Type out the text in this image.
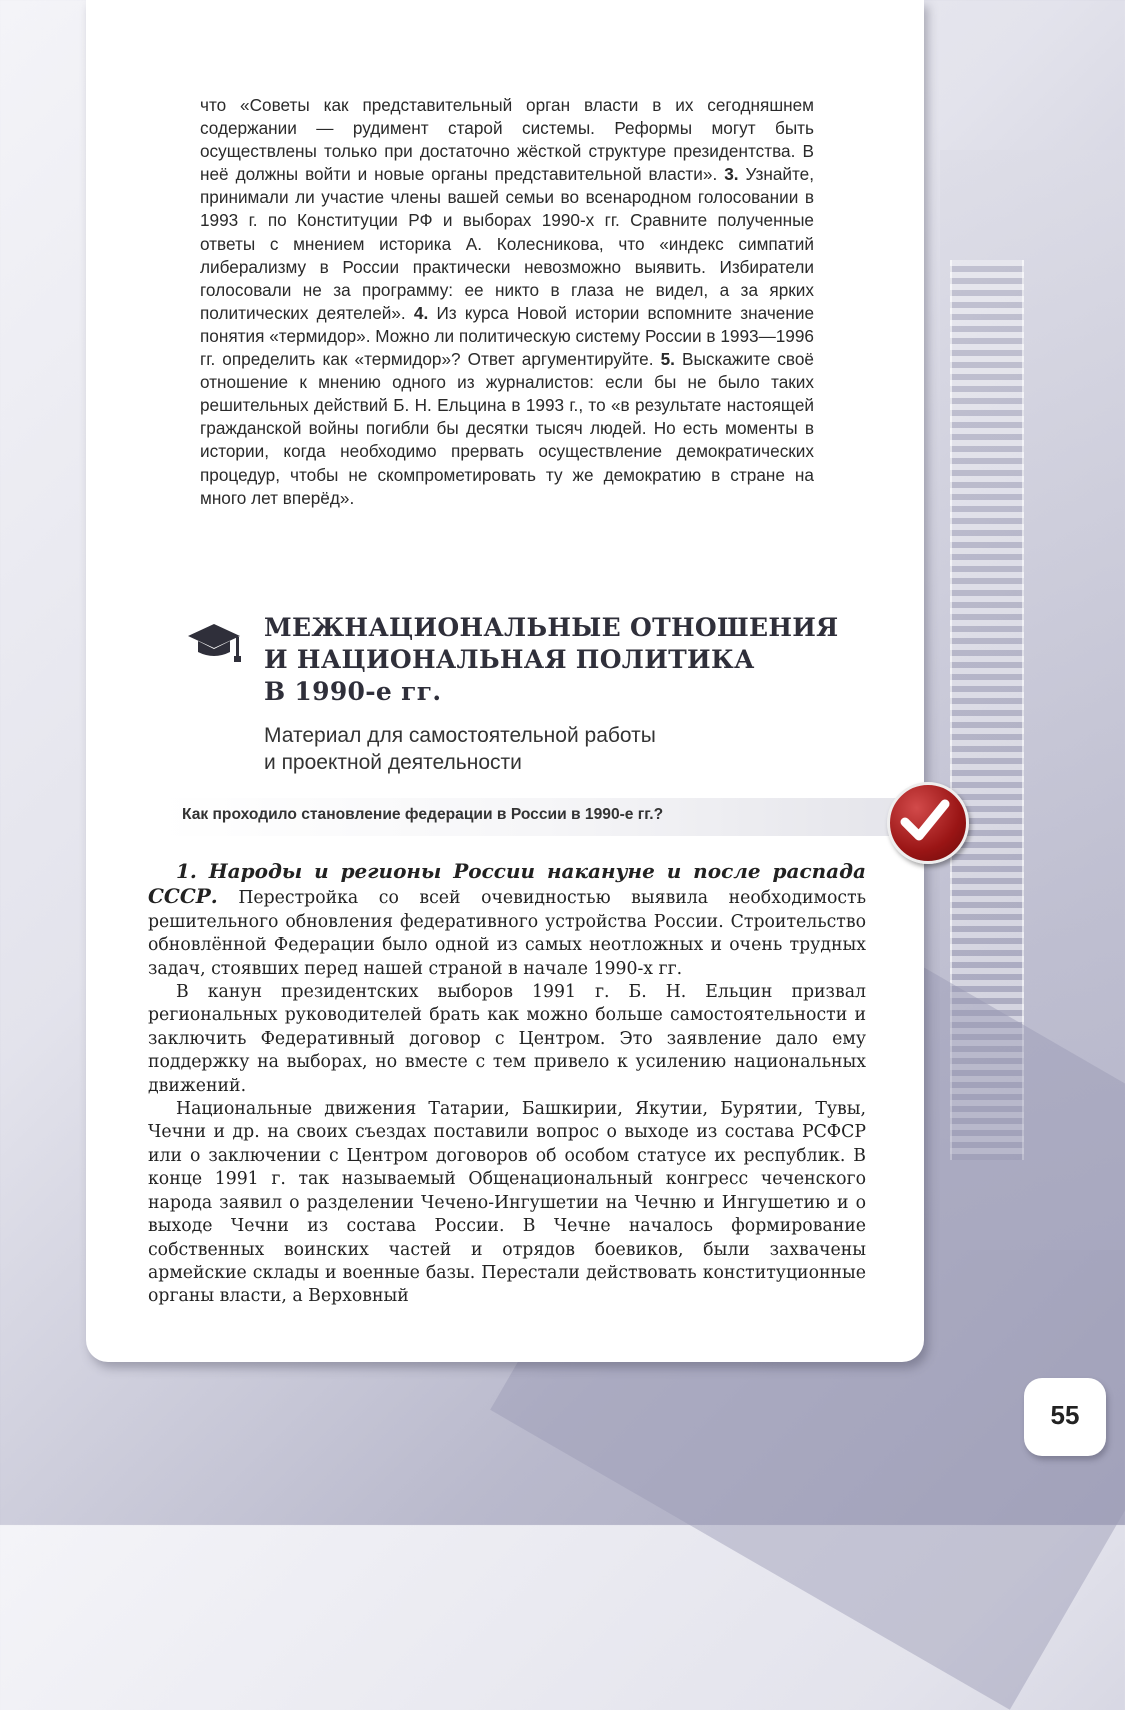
что «Советы как представительный орган власти в их сегодняшнем содержании — рудимент старой системы. Реформы могут быть осуществлены только при достаточно жёсткой структуре президентства. В неё должны войти и новые органы представительной власти». 3. Узнайте, принимали ли участие члены вашей семьи во всенародном голосовании в 1993 г. по Конституции РФ и выборах 1990-х гг. Сравните полученные ответы с мнением историка А. Колесникова, что «индекс симпатий либерализму в России практически невозможно выявить. Избиратели голосовали не за программу: ее никто в глаза не видел, а за ярких политических деятелей». 4. Из курса Новой истории вспомните значение понятия «термидор». Можно ли политическую систему России в 1993—1996 гг. определить как «термидор»? Ответ аргументируйте. 5. Выскажите своё отношение к мнению одного из журналистов: если бы не было таких решительных действий Б. Н. Ельцина в 1993 г., то «в результате настоящей гражданской войны погибли бы десятки тысяч людей. Но есть моменты в истории, когда необходимо прервать осуществление демократических процедур, чтобы не скомпрометировать ту же демократию в стране на много лет вперёд».

МЕЖНАЦИОНАЛЬНЫЕ ОТНОШЕНИЯ
И НАЦИОНАЛЬНАЯ ПОЛИТИКА
В 1990-е гг.
Материал для самостоятельной работы
и проектной деятельности
Как проходило становление федерации в России в 1990-е гг.?

1. Народы и регионы России накануне и после распада СССР. Перестройка со всей очевидностью выявила необходимость решительного обновления федеративного устройства России. Строительство обновлённой Федерации было одной из самых неотложных и очень трудных задач, стоявших перед нашей страной в начале 1990-х гг.

В канун президентских выборов 1991 г. Б. Н. Ельцин призвал региональных руководителей брать как можно больше самостоятельности и заключить Федеративный договор с Центром. Это заявление дало ему поддержку на выборах, но вместе с тем привело к усилению национальных движений.

Национальные движения Татарии, Башкирии, Якутии, Бурятии, Тувы, Чечни и др. на своих съездах поставили вопрос о выходе из состава РСФСР или о заключении с Центром договоров об особом статусе их республик. В конце 1991 г. так называемый Общенациональный конгресс чеченского народа заявил о разделении Чечено-Ингушетии на Чечню и Ингушетию и о выходе Чечни из состава России. В Чечне началось формирование собственных воинских частей и отрядов боевиков, были захвачены армейские склады и военные базы. Перестали действовать конституционные органы власти, а Верховный

55
